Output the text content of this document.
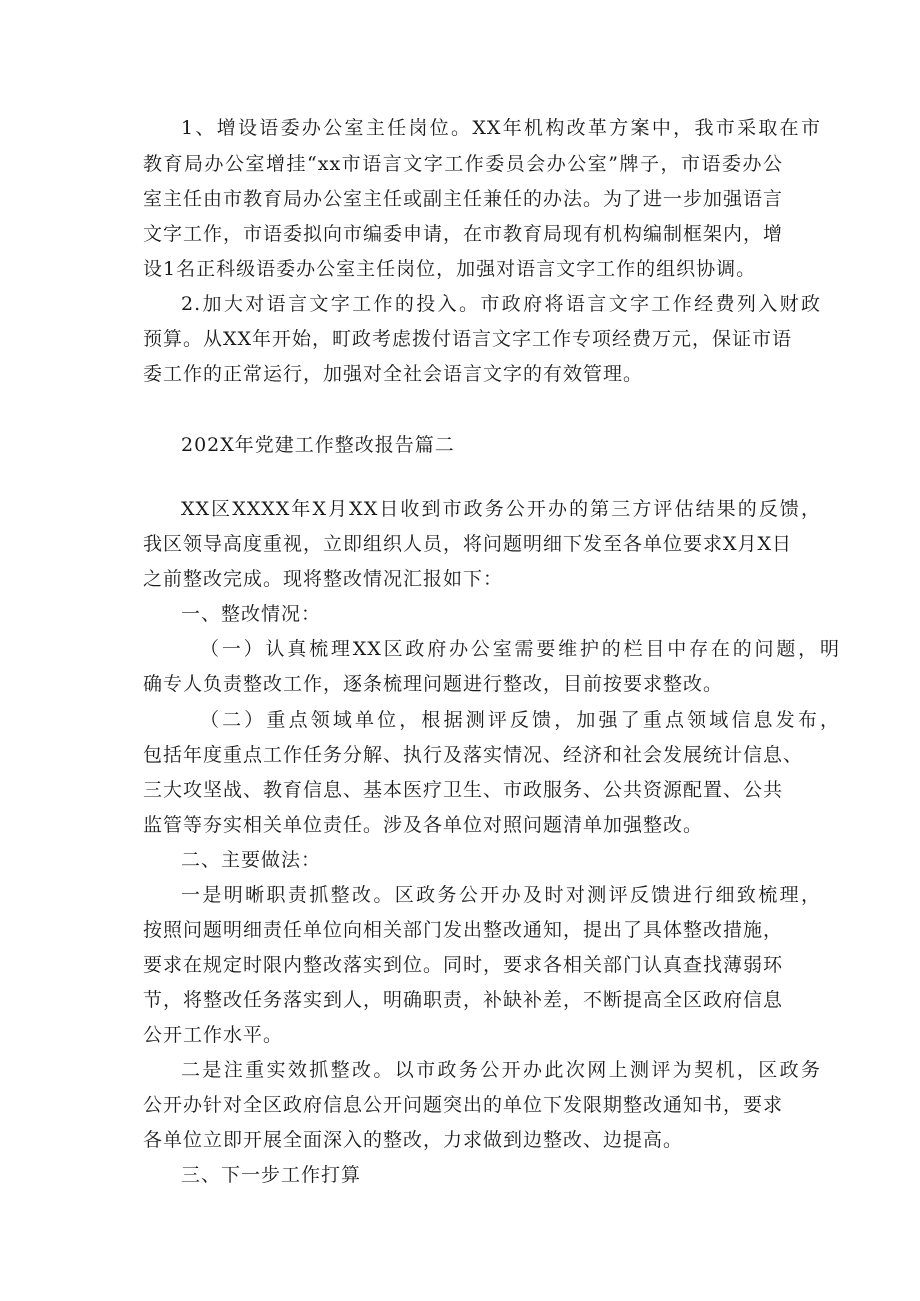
1、增设语委办公室主任岗位。XX年机构改革方案中，我市采取在市
教育局办公室增挂“xx市语言文字工作委员会办公室”牌子，市语委办公
室主任由市教育局办公室主任或副主任兼任的办法。为了进一步加强语言
文字工作，市语委拟向市编委申请，在市教育局现有机构编制框架内，增
设1名正科级语委办公室主任岗位，加强对语言文字工作的组织协调。
2.加大对语言文字工作的投入。市政府将语言文字工作经费列入财政
预算。从XX年开始，町政考虑拨付语言文字工作专项经费万元，保证市语
委工作的正常运行，加强对全社会语言文字的有效管理。
202X年党建工作整改报告篇二
XX区XXXX年X月XX日收到市政务公开办的第三方评估结果的反馈，
我区领导高度重视，立即组织人员，将问题明细下发至各单位要求X月X日
之前整改完成。现将整改情况汇报如下：
一、整改情况：
（一）认真梳理XX区政府办公室需要维护的栏目中存在的问题，明
确专人负责整改工作，逐条梳理问题进行整改，目前按要求整改。
（二）重点领域单位，根据测评反馈，加强了重点领域信息发布，
包括年度重点工作任务分解、执行及落实情况、经济和社会发展统计信息、
三大攻坚战、教育信息、基本医疗卫生、市政服务、公共资源配置、公共
监管等夯实相关单位责任。涉及各单位对照问题清单加强整改。
二、主要做法：
一是明晰职责抓整改。区政务公开办及时对测评反馈进行细致梳理，
按照问题明细责任单位向相关部门发出整改通知，提出了具体整改措施，
要求在规定时限内整改落实到位。同时，要求各相关部门认真查找薄弱环
节，将整改任务落实到人，明确职责，补缺补差，不断提高全区政府信息
公开工作水平。
二是注重实效抓整改。以市政务公开办此次网上测评为契机，区政务
公开办针对全区政府信息公开问题突出的单位下发限期整改通知书，要求
各单位立即开展全面深入的整改，力求做到边整改、边提高。
三、下一步工作打算
